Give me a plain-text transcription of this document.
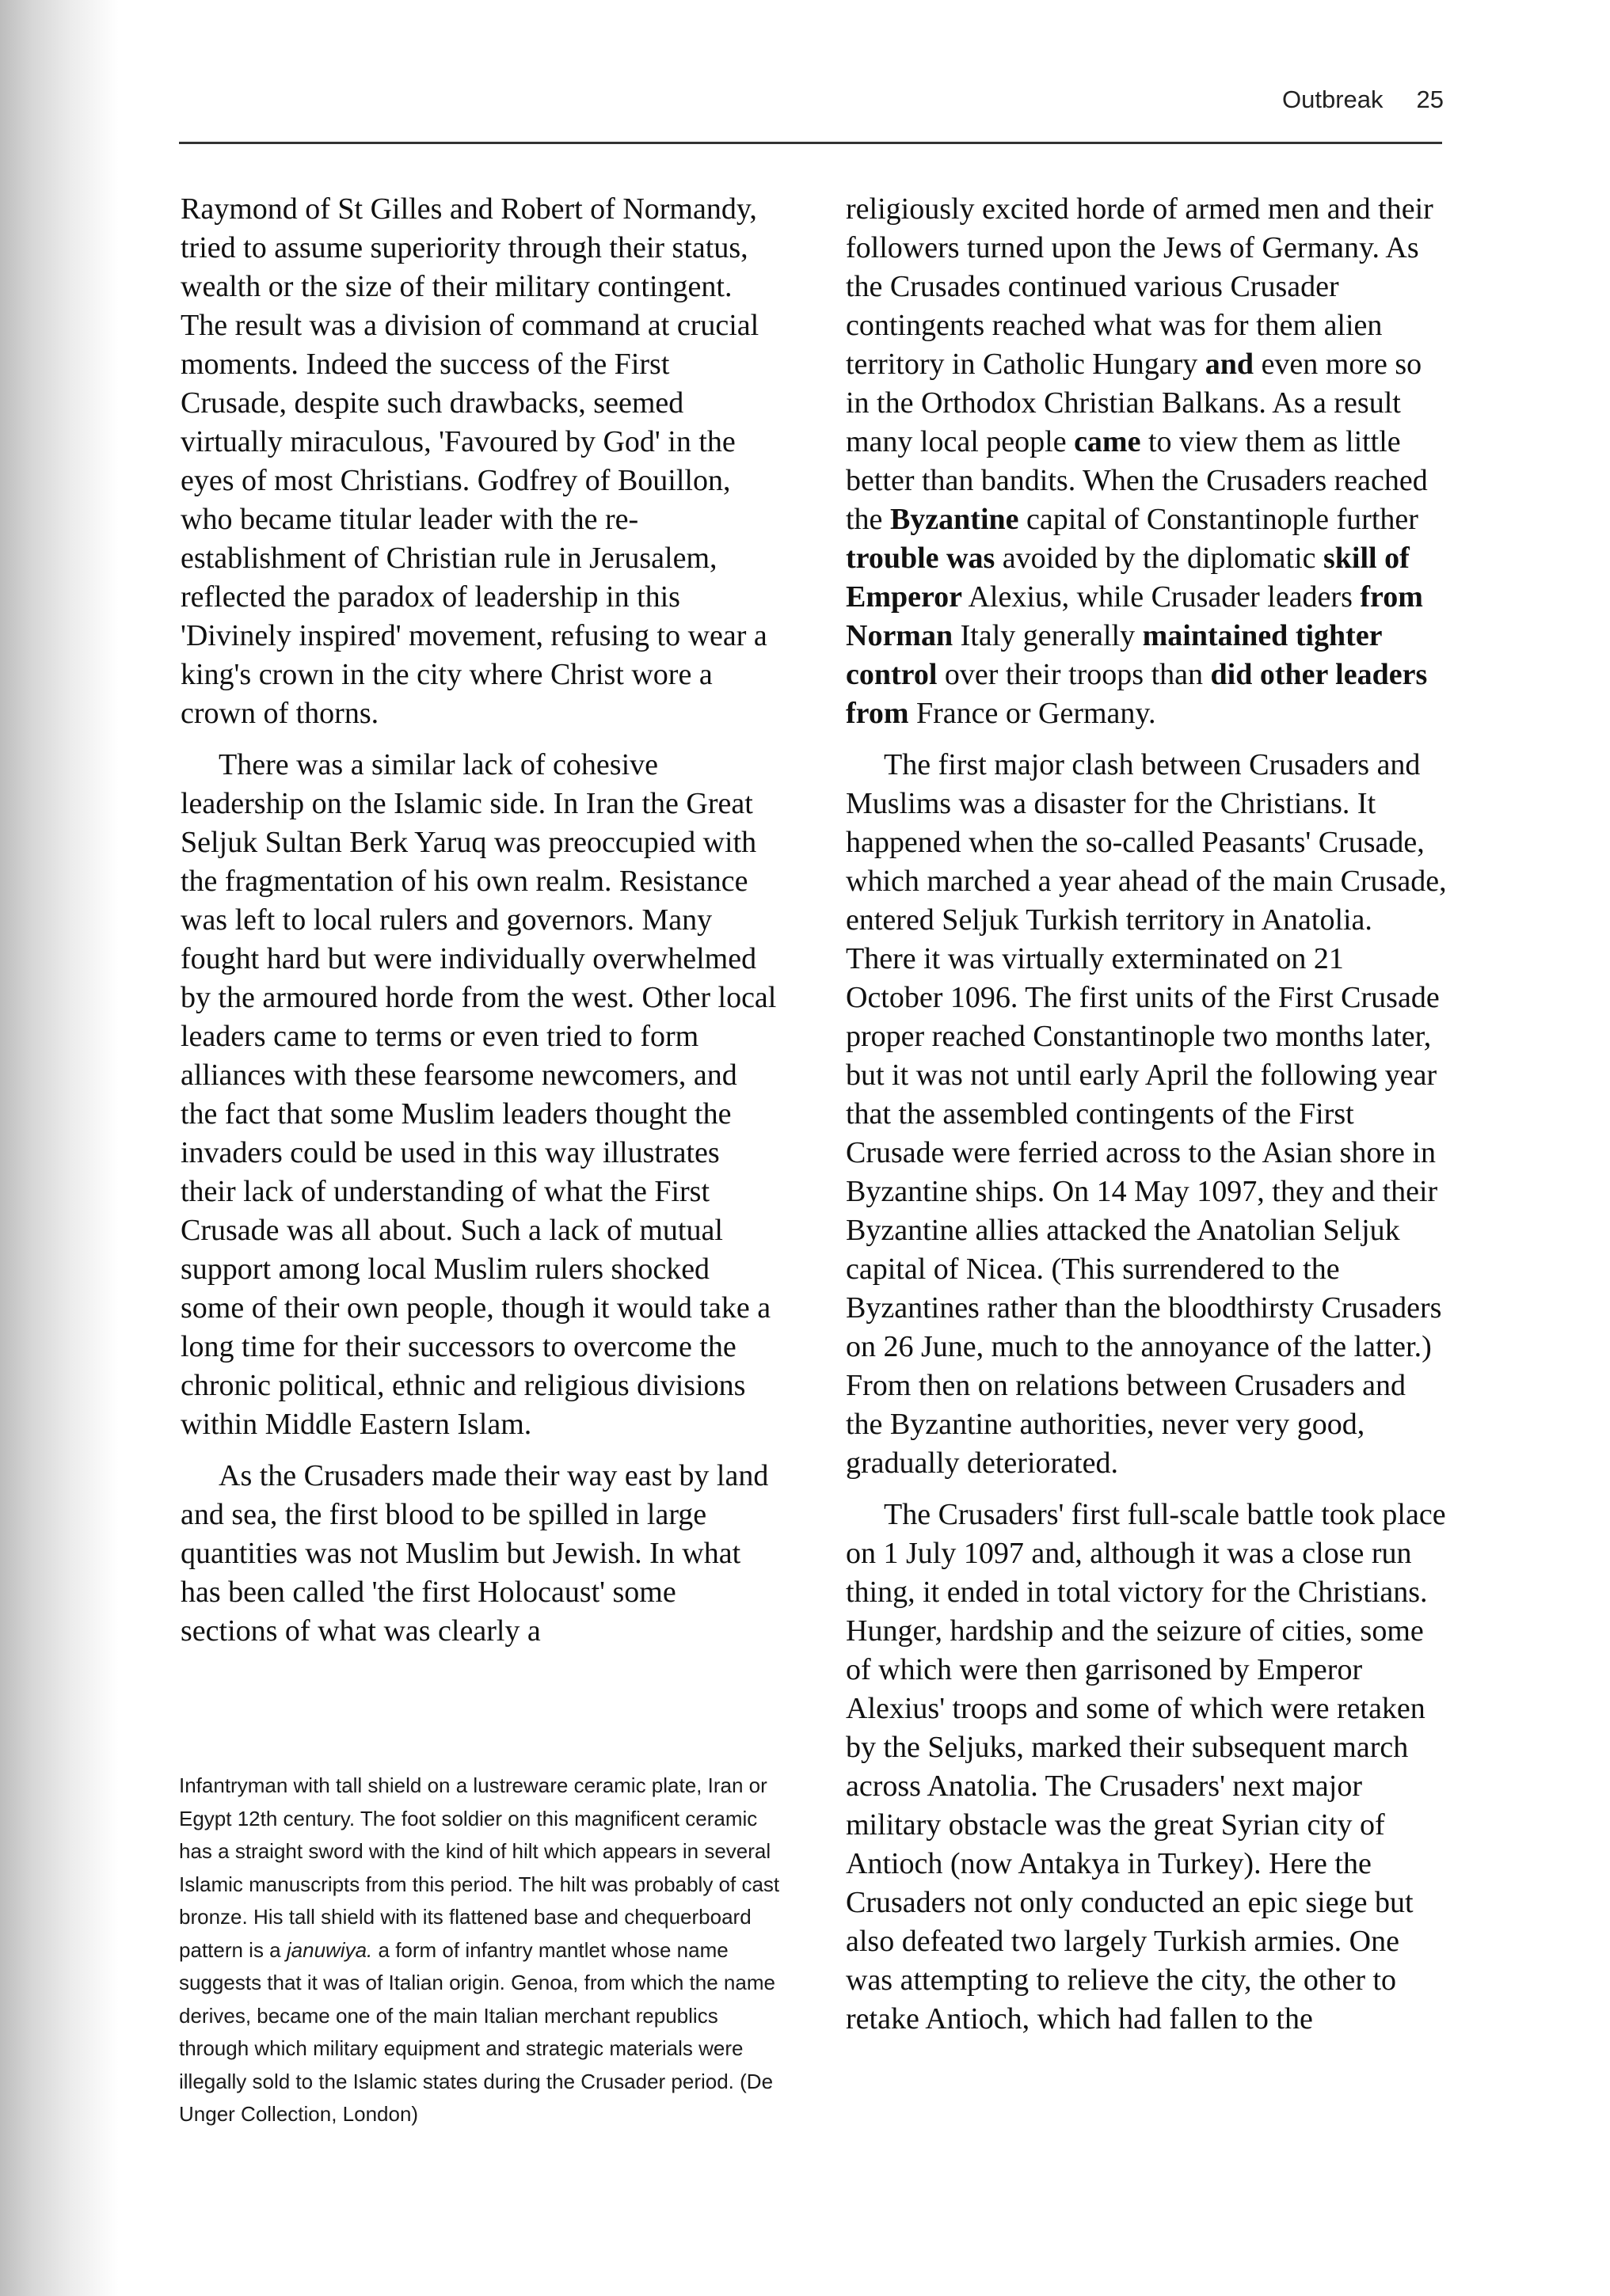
Outbreak 25

Raymond of St Gilles and Robert of Normandy, tried to assume superiority through their status, wealth or the size of their military contingent. The result was a division of command at crucial moments. Indeed the success of the First Crusade, despite such drawbacks, seemed virtually miraculous, 'Favoured by God' in the eyes of most Christians. Godfrey of Bouillon, who became titular leader with the re-establishment of Christian rule in Jerusalem, reflected the paradox of leadership in this 'Divinely inspired' movement, refusing to wear a king's crown in the city where Christ wore a crown of thorns.

There was a similar lack of cohesive leadership on the Islamic side. In Iran the Great Seljuk Sultan Berk Yaruq was preoccupied with the fragmentation of his own realm. Resistance was left to local rulers and governors. Many fought hard but were individually overwhelmed by the armoured horde from the west. Other local leaders came to terms or even tried to form alliances with these fearsome newcomers, and the fact that some Muslim leaders thought the invaders could be used in this way illustrates their lack of understanding of what the First Crusade was all about. Such a lack of mutual support among local Muslim rulers shocked some of their own people, though it would take a long time for their successors to overcome the chronic political, ethnic and religious divisions within Middle Eastern Islam.

As the Crusaders made their way east by land and sea, the first blood to be spilled in large quantities was not Muslim but Jewish. In what has been called 'the first Holocaust' some sections of what was clearly a

Infantryman with tall shield on a lustreware ceramic plate, Iran or Egypt 12th century. The foot soldier on this magnificent ceramic has a straight sword with the kind of hilt which appears in several Islamic manuscripts from this period. The hilt was probably of cast bronze. His tall shield with its flattened base and chequerboard pattern is a januwiya. a form of infantry mantlet whose name suggests that it was of Italian origin. Genoa, from which the name derives, became one of the main Italian merchant republics through which military equipment and strategic materials were illegally sold to the Islamic states during the Crusader period. (De Unger Collection, London)

religiously excited horde of armed men and their followers turned upon the Jews of Germany. As the Crusades continued various Crusader contingents reached what was for them alien territory in Catholic Hungary and even more so in the Orthodox Christian Balkans. As a result many local people came to view them as little better than bandits. When the Crusaders reached the Byzantine capital of Constantinople further trouble was avoided by the diplomatic skill of Emperor Alexius, while Crusader leaders from Norman Italy generally maintained tighter control over their troops than did other leaders from France or Germany.

The first major clash between Crusaders and Muslims was a disaster for the Christians. It happened when the so-called Peasants' Crusade, which marched a year ahead of the main Crusade, entered Seljuk Turkish territory in Anatolia. There it was virtually exterminated on 21 October 1096. The first units of the First Crusade proper reached Constantinople two months later, but it was not until early April the following year that the assembled contingents of the First Crusade were ferried across to the Asian shore in Byzantine ships. On 14 May 1097, they and their Byzantine allies attacked the Anatolian Seljuk capital of Nicea. (This surrendered to the Byzantines rather than the bloodthirsty Crusaders on 26 June, much to the annoyance of the latter.) From then on relations between Crusaders and the Byzantine authorities, never very good, gradually deteriorated.

The Crusaders' first full-scale battle took place on 1 July 1097 and, although it was a close run thing, it ended in total victory for the Christians. Hunger, hardship and the seizure of cities, some of which were then garrisoned by Emperor Alexius' troops and some of which were retaken by the Seljuks, marked their subsequent march across Anatolia. The Crusaders' next major military obstacle was the great Syrian city of Antioch (now Antakya in Turkey). Here the Crusaders not only conducted an epic siege but also defeated two largely Turkish armies. One was attempting to relieve the city, the other to retake Antioch, which had fallen to the
